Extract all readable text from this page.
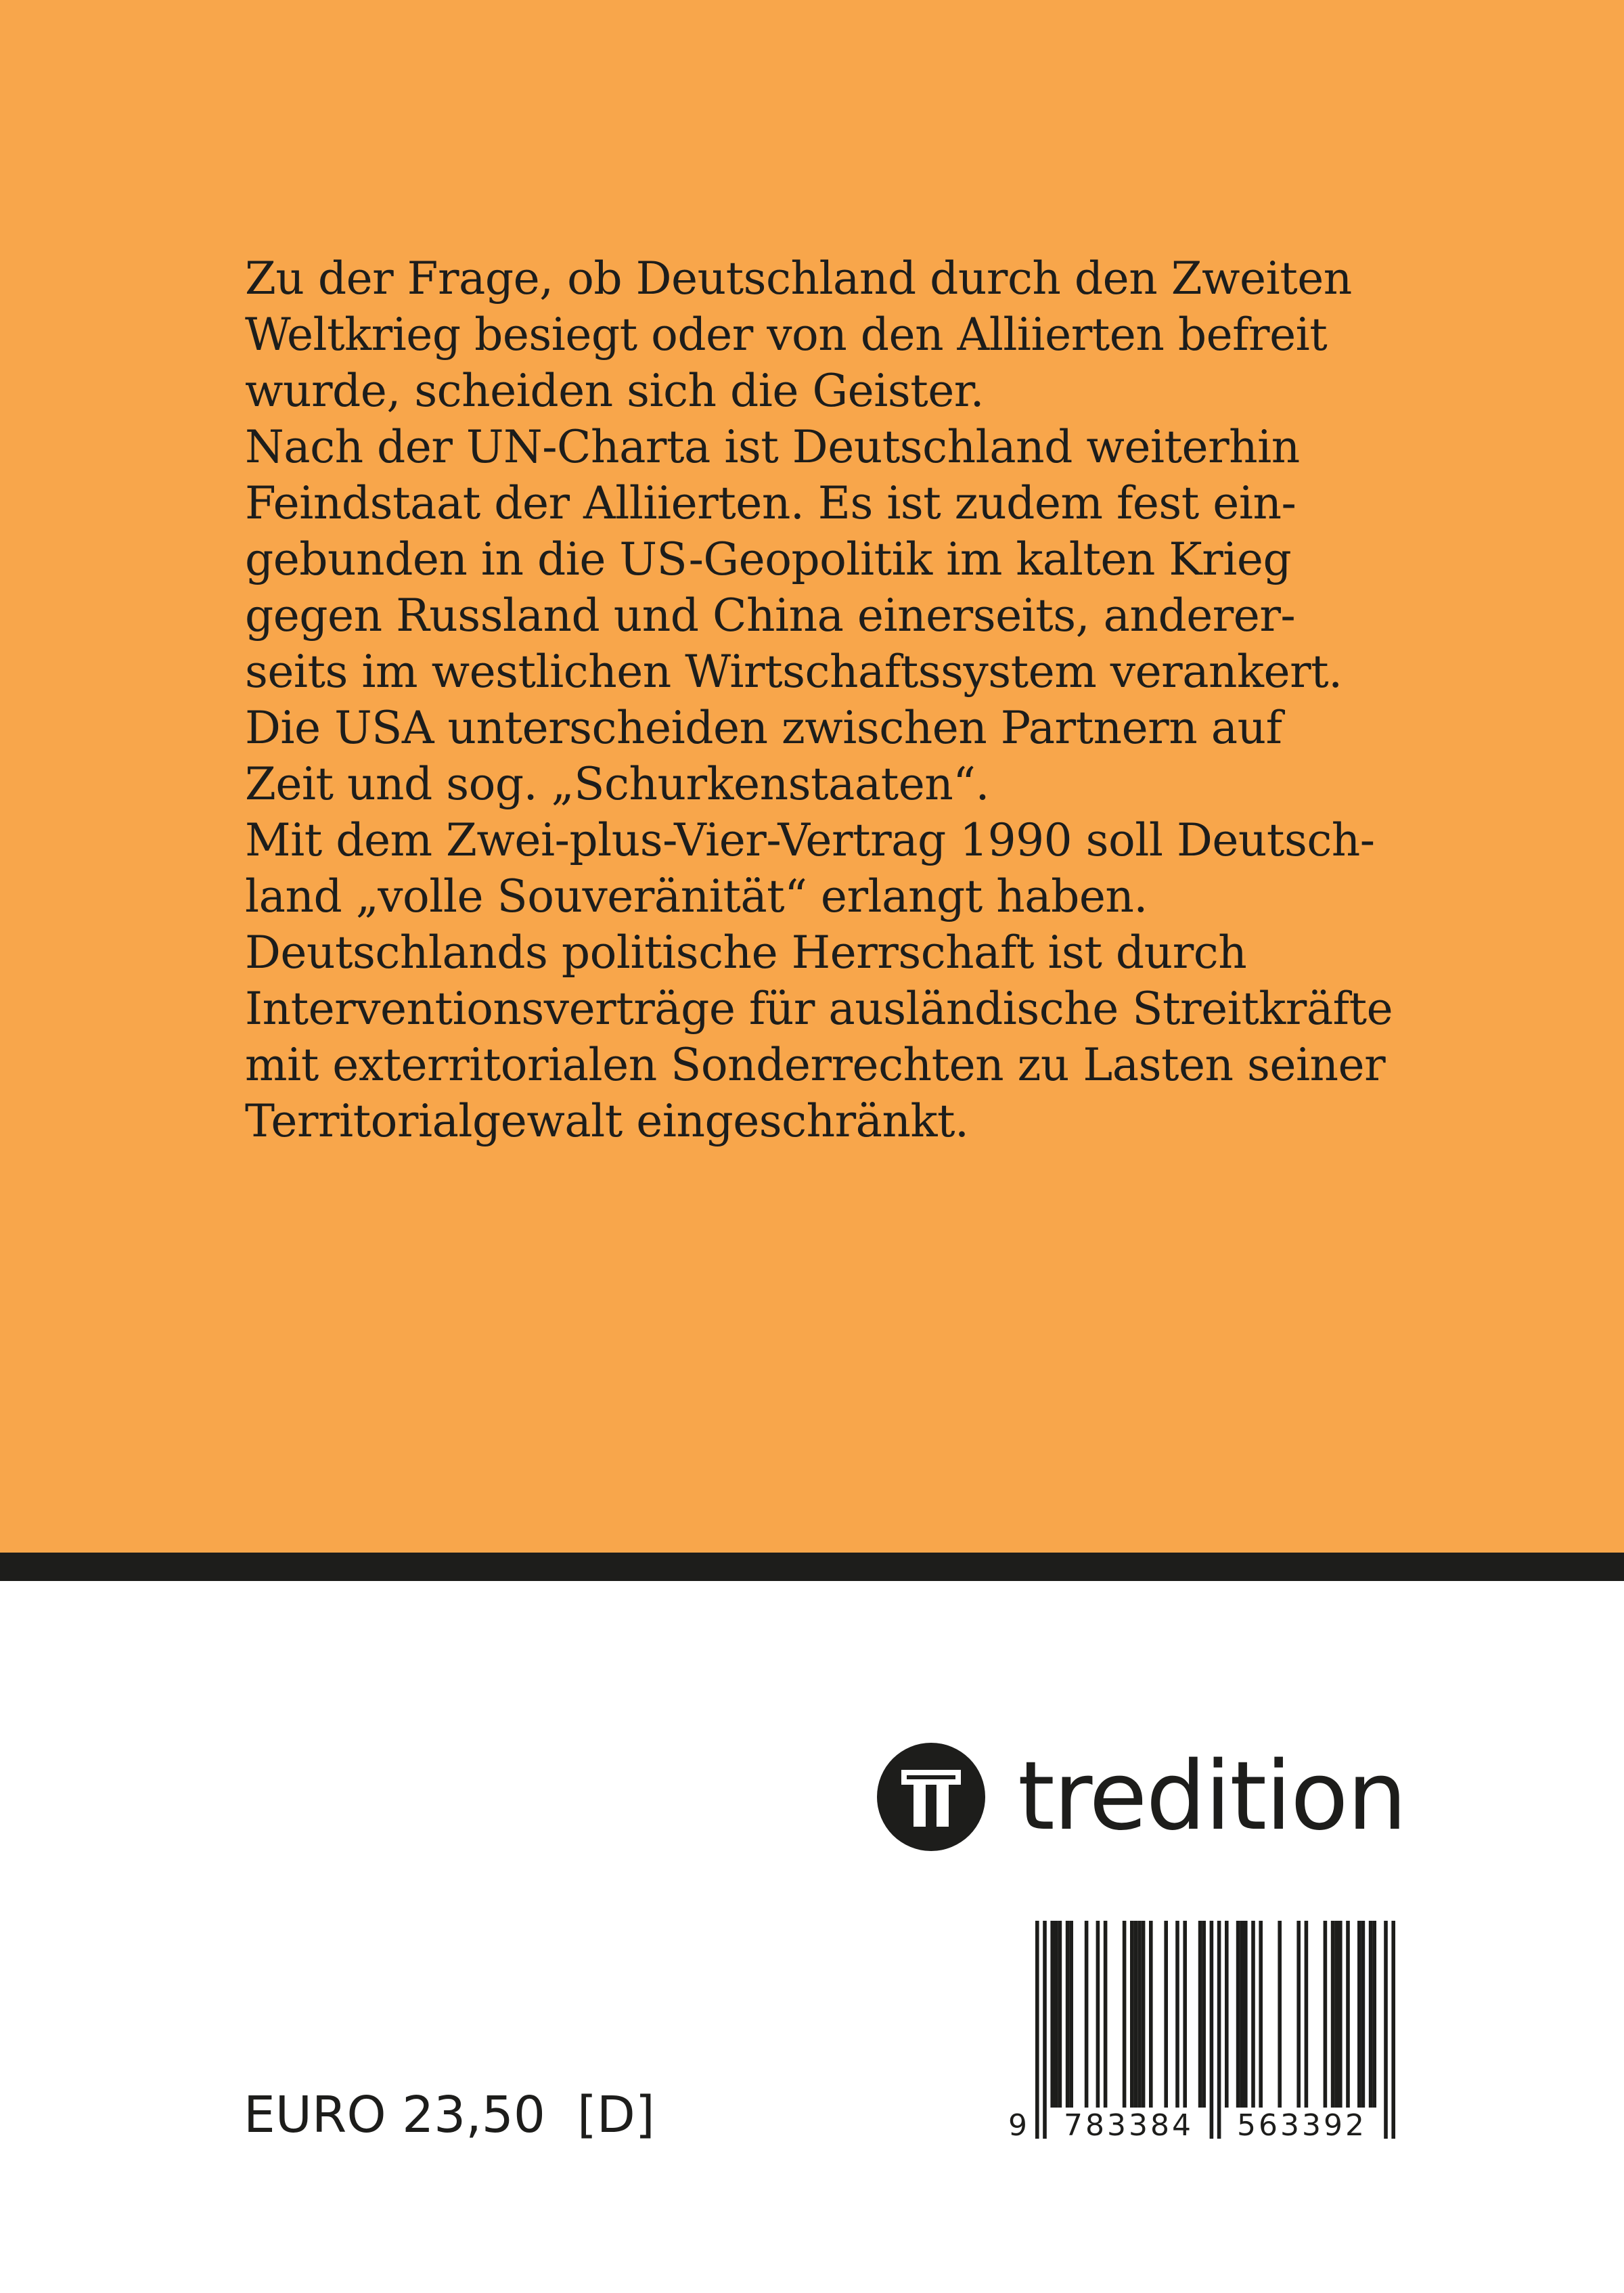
Zu der Frage, ob Deutschland durch den Zweiten
Weltkrieg besiegt oder von den Alliierten befreit
wurde, scheiden sich die Geister.
Nach der UN-Charta ist Deutschland weiterhin
Feindstaat der Alliierten. Es ist zudem fest ein-
gebunden in die US-Geopolitik im kalten Krieg
gegen Russland und China einerseits, anderer-
seits im westlichen Wirtschaftssystem verankert.
Die USA unterscheiden zwischen Partnern auf
Zeit und sog. „Schurkenstaaten“.
Mit dem Zwei-plus-Vier-Vertrag 1990 soll Deutsch-
land „volle Souveränität“ erlangt haben.
Deutschlands politische Herrschaft ist durch
Interventionsverträge für ausländische Streitkräfte
mit exterritorialen Sonderrechten zu Lasten seiner
Territorialgewalt eingeschränkt.
tredition
EURO 23,50  [D]	9 783384 563392
